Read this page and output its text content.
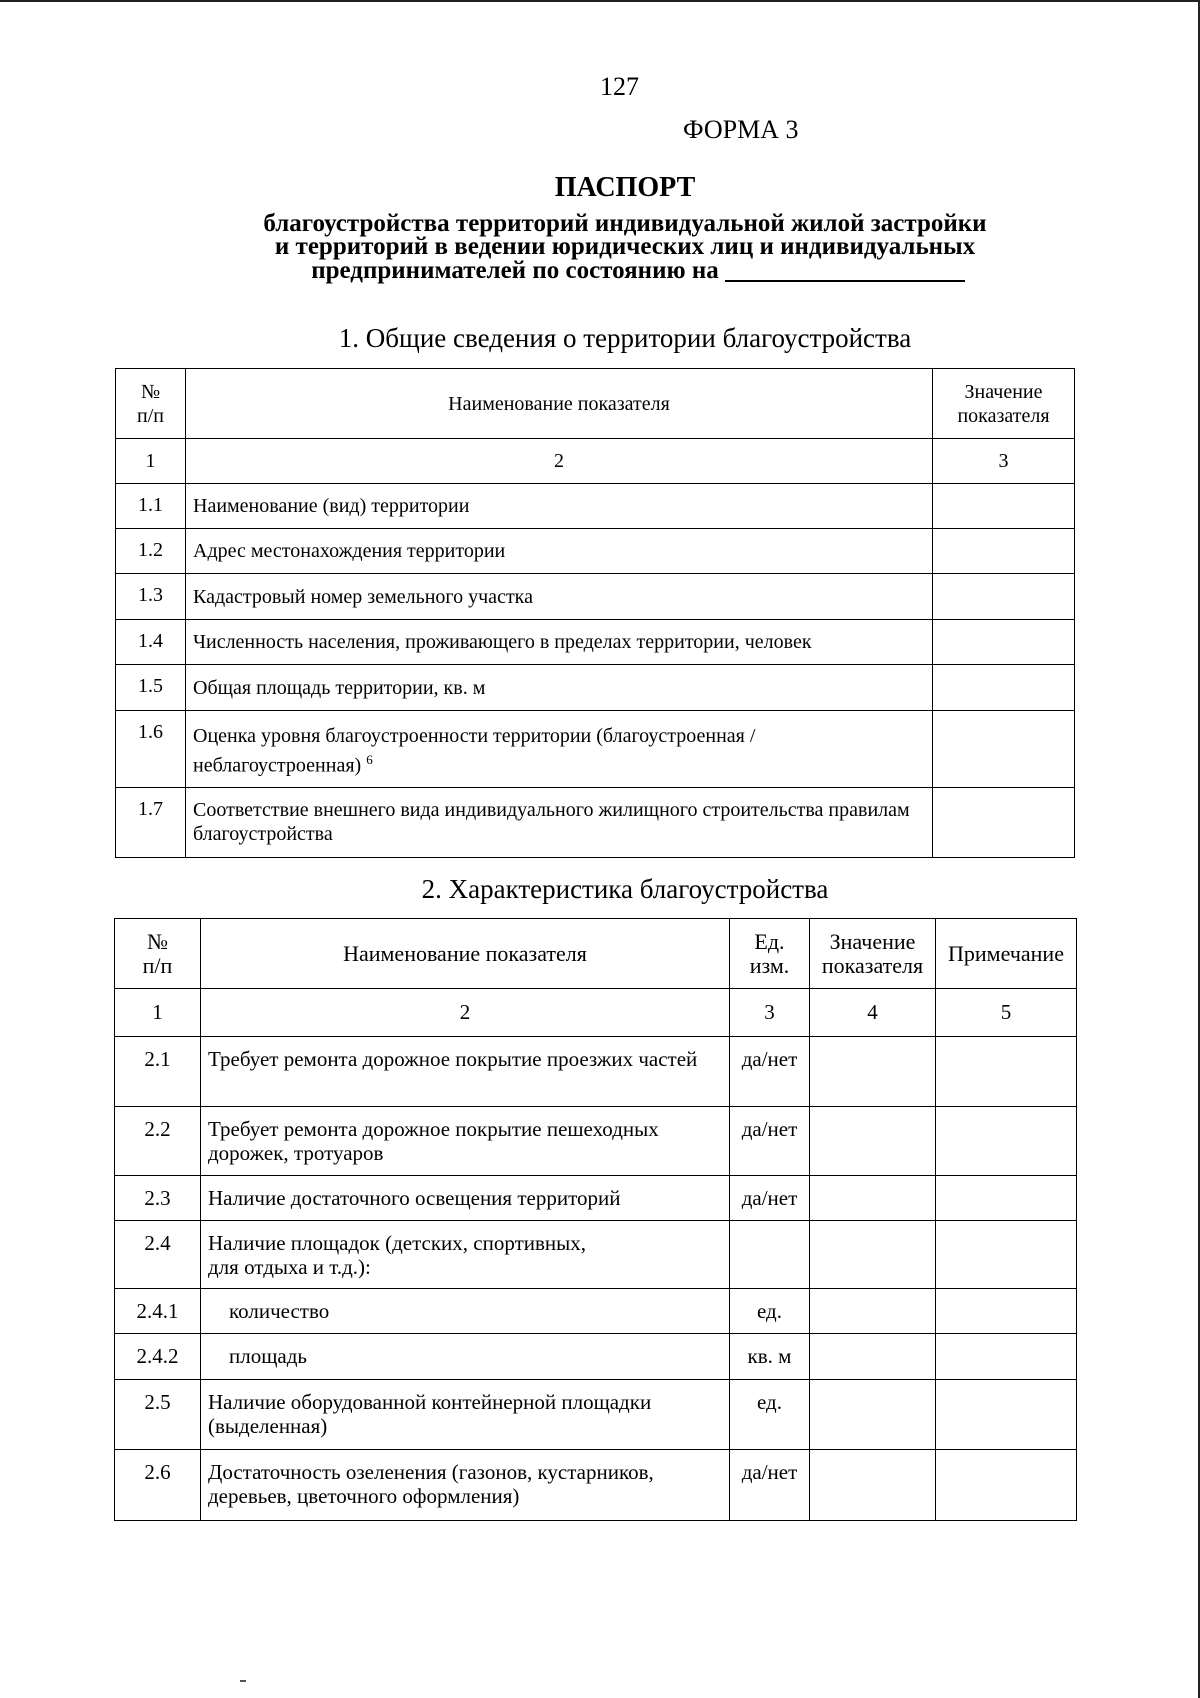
127
ФОРМА 3
ПАСПОРТ
благоустройства территорий индивидуальной жилой застройки
и территорий в ведении юридических лиц и индивидуальных
предпринимателей по состоянию на
1. Общие сведения о территории благоустройства
№ п/п	Наименование показателя	Значение показателя
1	2	3
1.1	Наименование (вид) территории	
1.2	Адрес местонахождения территории	
1.3	Кадастровый номер земельного участка	
1.4	Численность населения, проживающего в пределах территории, человек	
1.5	Общая площадь территории, кв. м	
1.6	Оценка уровня благоустроенности территории (благоустроенная / неблагоустроенная) $^6$	
1.7	Соответствие внешнего вида индивидуального жилищного строительства правилам благоустройства	
2. Характеристика благоустройства
№ п/п	Наименование показателя	Ед. изм.	Значение показателя	Примечание
1	2	3	4	5
2.1	Требует ремонта дорожное покрытие проезжих частей	да/нет		
2.2	Требует ремонта дорожное покрытие пешеходных дорожек, тротуаров	да/нет		
2.3	Наличие достаточного освещения территорий	да/нет		
2.4	Наличие площадок (детских, спортивных, для отдыха и т.д.):			
2.4.1	количество	ед.		
2.4.2	площадь	кв. м		
2.5	Наличие оборудованной контейнерной площадки (выделенная)	ед.		
2.6	Достаточность озеленения (газонов, кустарников, деревьев, цветочного оформления)	да/нет		
